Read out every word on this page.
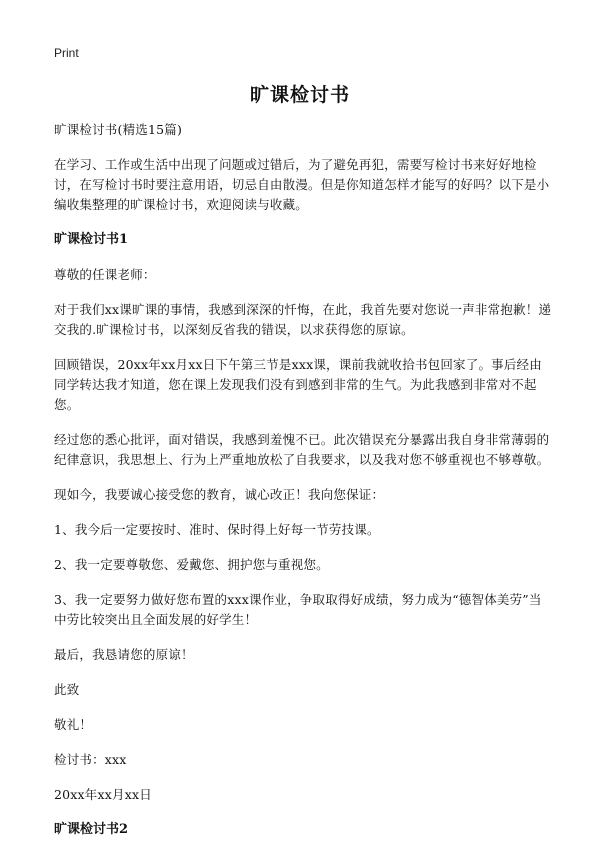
Print
旷课检讨书
旷课检讨书(精选15篇)
在学习、工作或生活中出现了问题或过错后，为了避免再犯，需要写检讨书来好好地检讨，在写检讨书时要注意用语，切忌自由散漫。但是你知道怎样才能写的好吗？以下是小编收集整理的旷课检讨书，欢迎阅读与收藏。
旷课检讨书1
尊敬的任课老师：
对于我们xx课旷课的事情，我感到深深的忏悔，在此，我首先要对您说一声非常抱歉！递交我的.旷课检讨书，以深刻反省我的错误，以求获得您的原谅。
回顾错误，20xx年xx月xx日下午第三节是xxx课，课前我就收拾书包回家了。事后经由同学转达我才知道，您在课上发现我们没有到感到非常的生气。为此我感到非常对不起您。
经过您的悉心批评，面对错误，我感到羞愧不已。此次错误充分暴露出我自身非常薄弱的纪律意识，我思想上、行为上严重地放松了自我要求，以及我对您不够重视也不够尊敬。
现如今，我要诚心接受您的教育，诚心改正！我向您保证：
1、我今后一定要按时、准时、保时得上好每一节劳技课。
2、我一定要尊敬您、爱戴您、拥护您与重视您。
3、我一定要努力做好您布置的xxx课作业，争取取得好成绩，努力成为“德智体美劳”当中劳比较突出且全面发展的好学生！
最后，我恳请您的原谅！
此致
敬礼！
检讨书：xxx
20xx年xx月xx日
旷课检讨书2
